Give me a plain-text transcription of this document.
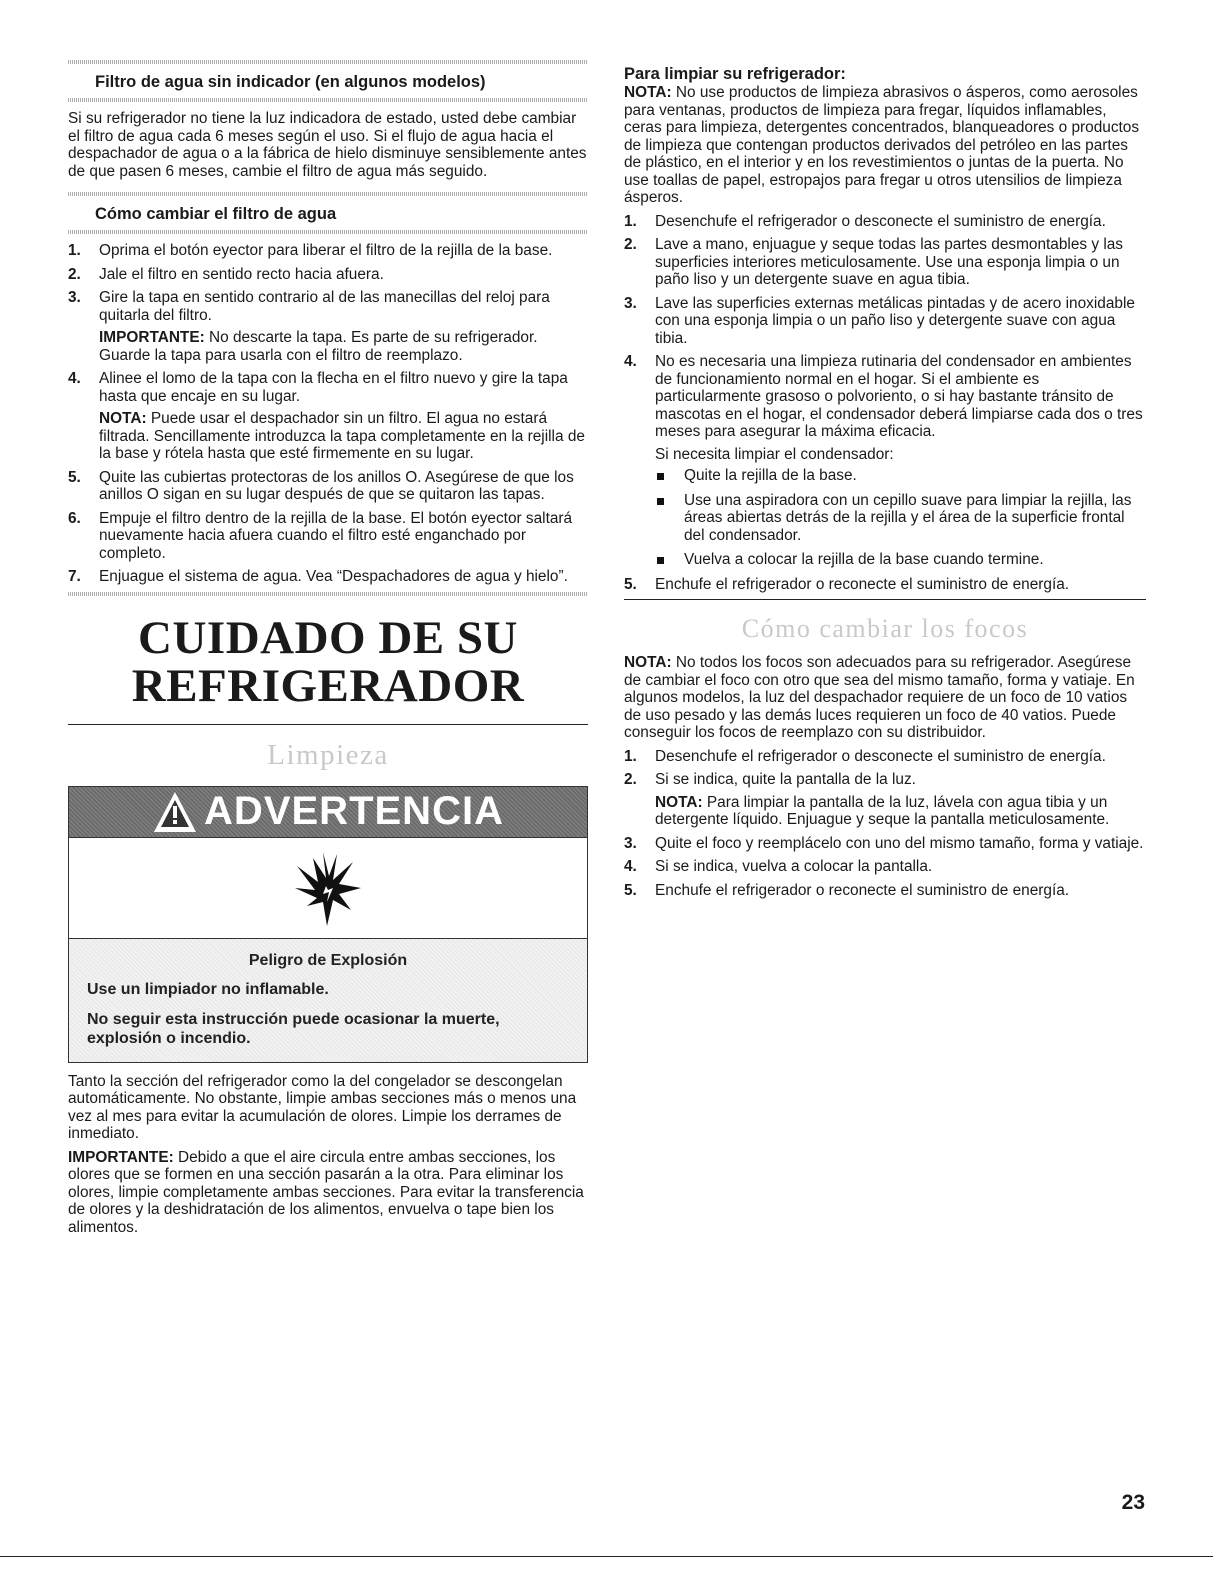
Filtro de agua sin indicador (en algunos modelos)

Si su refrigerador no tiene la luz indicadora de estado, usted debe cambiar el filtro de agua cada 6 meses según el uso. Si el flujo de agua hacia el despachador de agua o a la fábrica de hielo disminuye sensiblemente antes de que pasen 6 meses, cambie el filtro de agua más seguido.

Cómo cambiar el filtro de agua

1. Oprima el botón eyector para liberar el filtro de la rejilla de la base.

2. Jale el filtro en sentido recto hacia afuera.

3. Gire la tapa en sentido contrario al de las manecillas del reloj para quitarla del filtro.

IMPORTANTE: No descarte la tapa. Es parte de su refrigerador. Guarde la tapa para usarla con el filtro de reemplazo.

4. Alinee el lomo de la tapa con la flecha en el filtro nuevo y gire la tapa hasta que encaje en su lugar.

NOTA: Puede usar el despachador sin un filtro. El agua no estará filtrada. Sencillamente introduzca la tapa completamente en la rejilla de la base y rótela hasta que esté firmemente en su lugar.

5. Quite las cubiertas protectoras de los anillos O. Asegúrese de que los anillos O sigan en su lugar después de que se quitaron las tapas.

6. Empuje el filtro dentro de la rejilla de la base. El botón eyector saltará nuevamente hacia afuera cuando el filtro esté enganchado por completo.

7. Enjuague el sistema de agua. Vea “Despachadores de agua y hielo”.

CUIDADO DE SU
REFRIGERADOR
Limpieza
ADVERTENCIA

Peligro de Explosión

Use un limpiador no inflamable.

No seguir esta instrucción puede ocasionar la muerte, explosión o incendio.

Tanto la sección del refrigerador como la del congelador se descongelan automáticamente. No obstante, limpie ambas secciones más o menos una vez al mes para evitar la acumulación de olores. Limpie los derrames de inmediato.

IMPORTANTE: Debido a que el aire circula entre ambas secciones, los olores que se formen en una sección pasarán a la otra. Para eliminar los olores, limpie completamente ambas secciones. Para evitar la transferencia de olores y la deshidratación de los alimentos, envuelva o tape bien los alimentos.

Para limpiar su refrigerador:

NOTA: No use productos de limpieza abrasivos o ásperos, como aerosoles para ventanas, productos de limpieza para fregar, líquidos inflamables, ceras para limpieza, detergentes concentrados, blanqueadores o productos de limpieza que contengan productos derivados del petróleo en las partes de plástico, en el interior y en los revestimientos o juntas de la puerta. No use toallas de papel, estropajos para fregar u otros utensilios de limpieza ásperos.

1. Desenchufe el refrigerador o desconecte el suministro de energía.

2. Lave a mano, enjuague y seque todas las partes desmontables y las superficies interiores meticulosamente. Use una esponja limpia o un paño liso y un detergente suave en agua tibia.

3. Lave las superficies externas metálicas pintadas y de acero inoxidable con una esponja limpia o un paño liso y detergente suave con agua tibia.

4. No es necesaria una limpieza rutinaria del condensador en ambientes de funcionamiento normal en el hogar. Si el ambiente es particularmente grasoso o polvoriento, o si hay bastante tránsito de mascotas en el hogar, el condensador deberá limpiarse cada dos o tres meses para asegurar la máxima eficacia.

Si necesita limpiar el condensador:

Quite la rejilla de la base.

Use una aspiradora con un cepillo suave para limpiar la rejilla, las áreas abiertas detrás de la rejilla y el área de la superficie frontal del condensador.

Vuelva a colocar la rejilla de la base cuando termine.

5. Enchufe el refrigerador o reconecte el suministro de energía.

Cómo cambiar los focos

NOTA: No todos los focos son adecuados para su refrigerador. Asegúrese de cambiar el foco con otro que sea del mismo tamaño, forma y vatiaje. En algunos modelos, la luz del despachador requiere de un foco de 10 vatios de uso pesado y las demás luces requieren un foco de 40 vatios. Puede conseguir los focos de reemplazo con su distribuidor.

1. Desenchufe el refrigerador o desconecte el suministro de energía.

2. Si se indica, quite la pantalla de la luz.

NOTA: Para limpiar la pantalla de la luz, lávela con agua tibia y un detergente líquido. Enjuague y seque la pantalla meticulosamente.

3. Quite el foco y reemplácelo con uno del mismo tamaño, forma y vatiaje.

4. Si se indica, vuelva a colocar la pantalla.

5. Enchufe el refrigerador o reconecte el suministro de energía.

23
